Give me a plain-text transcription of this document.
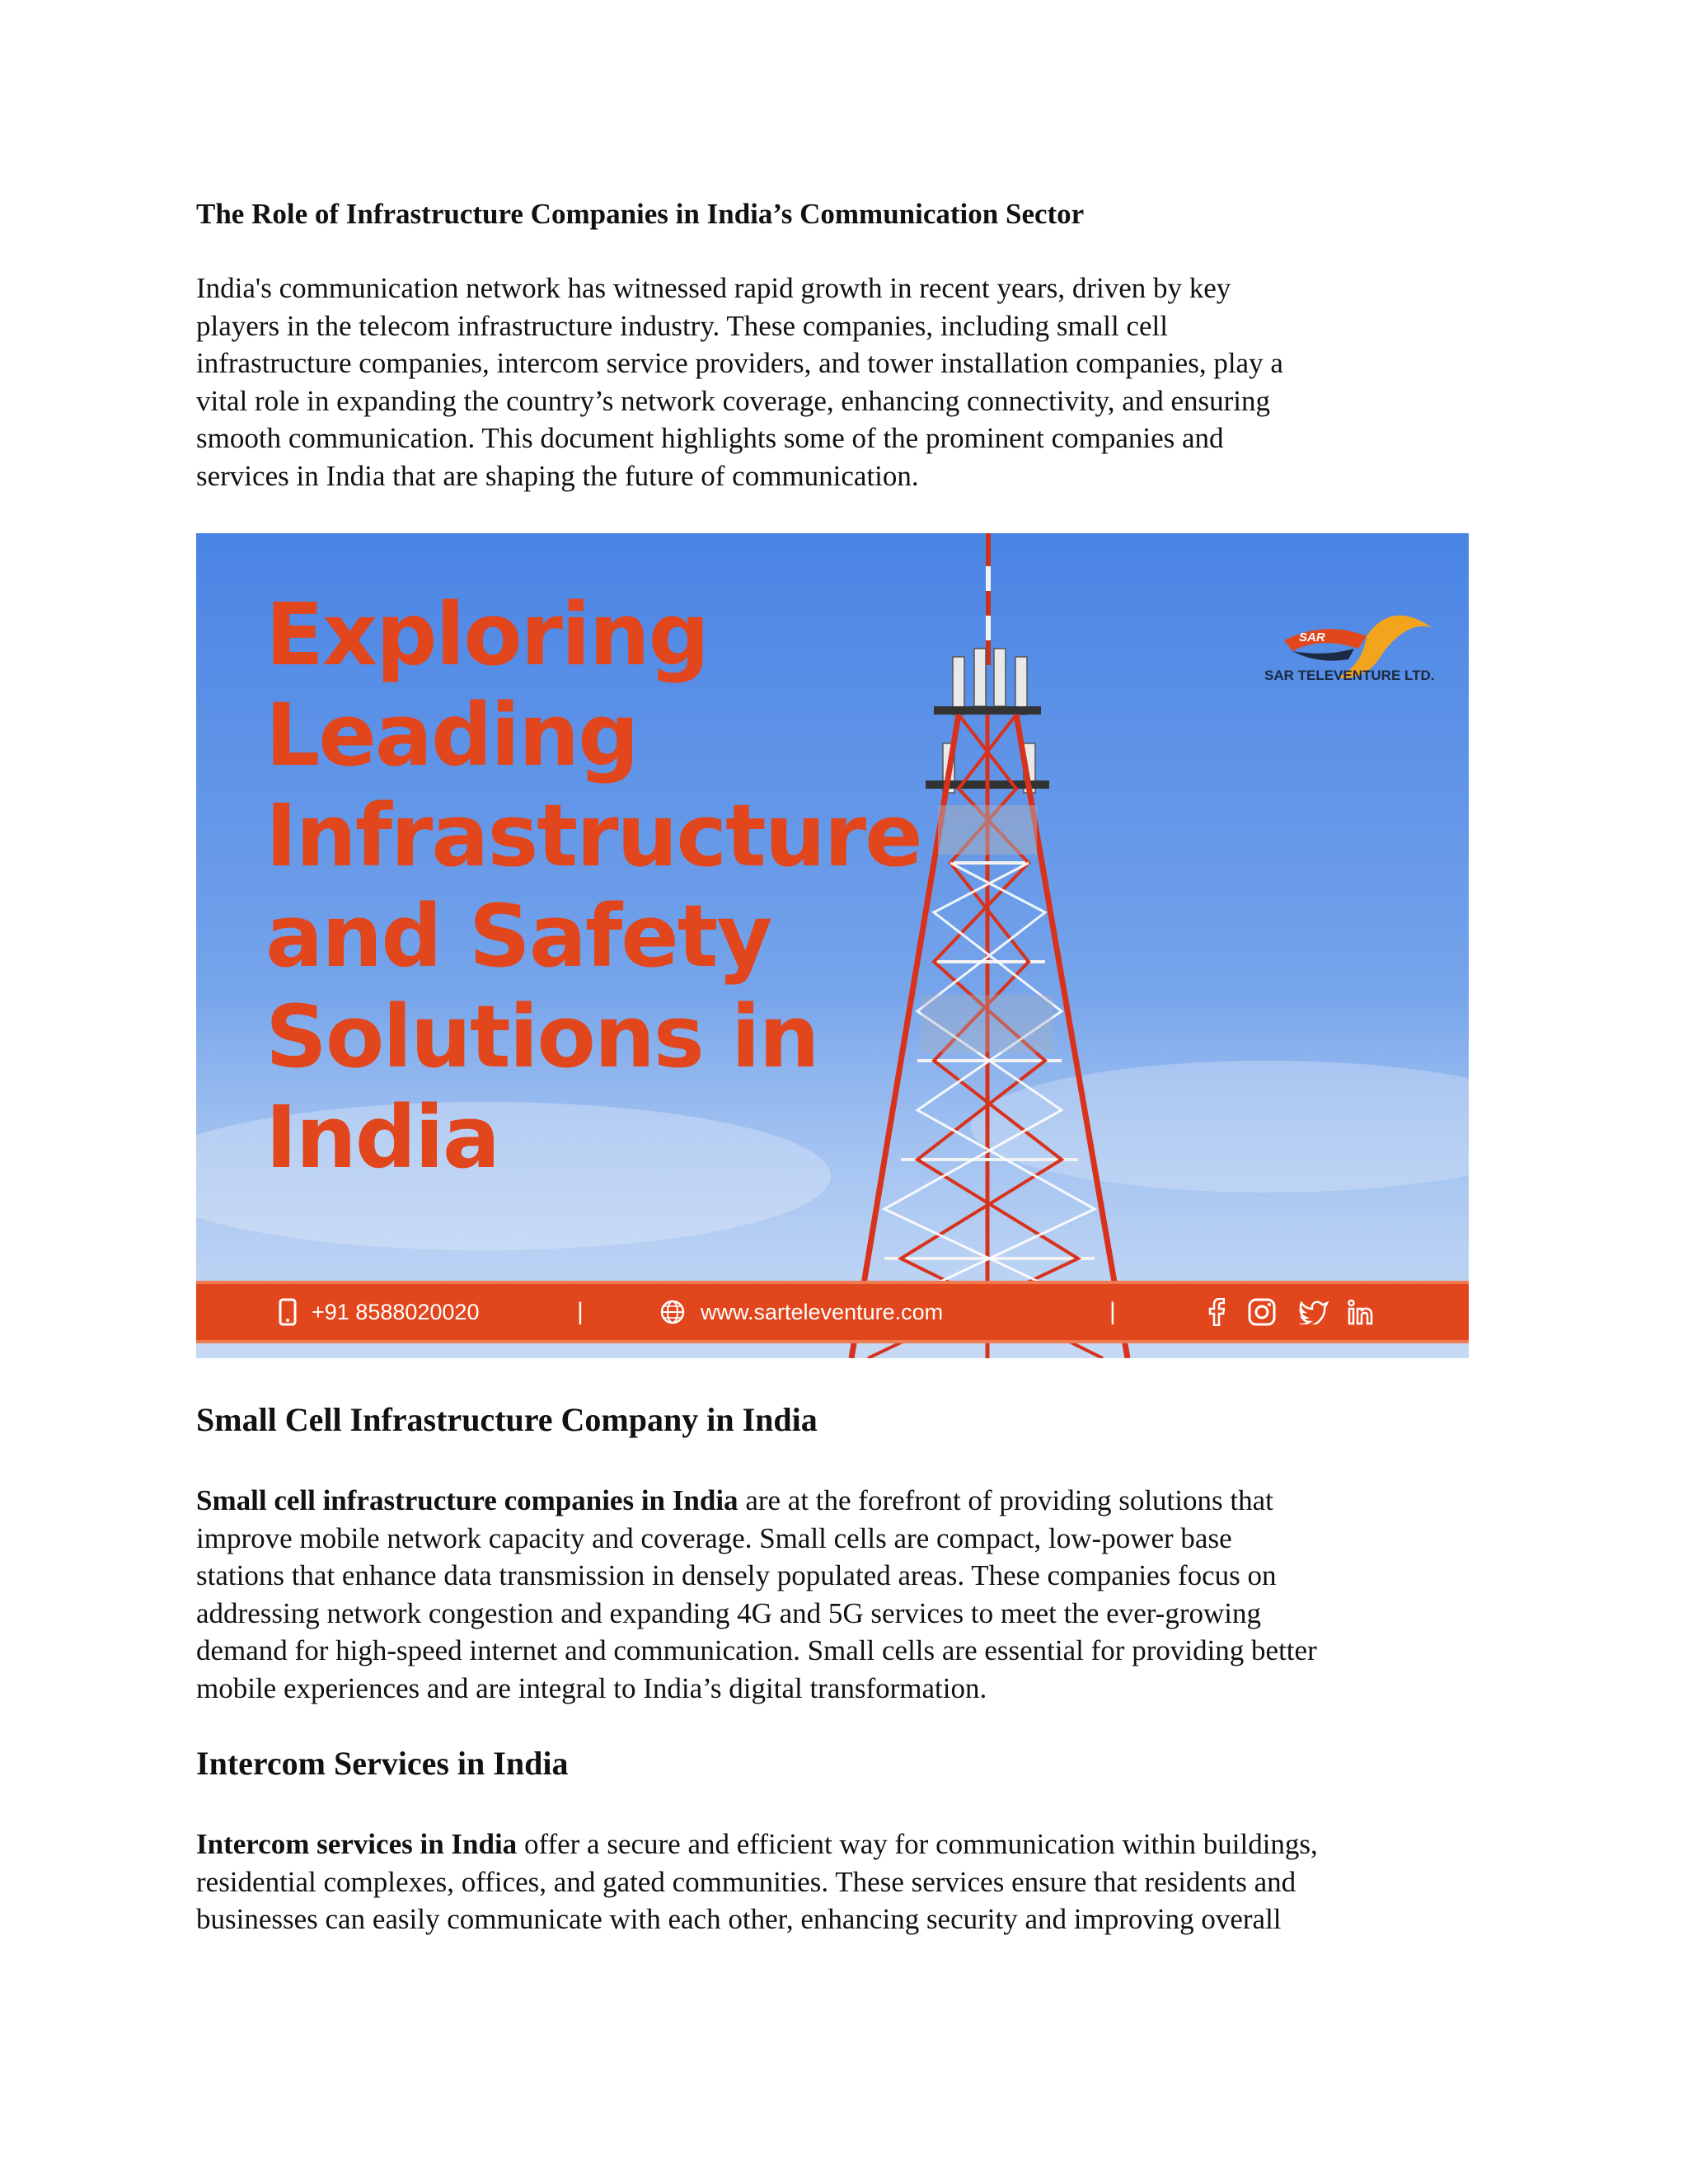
The Role of Infrastructure Companies in India’s Communication Sector

India's communication network has witnessed rapid growth in recent years, driven by key
players in the telecom infrastructure industry. These companies, including small cell
infrastructure companies, intercom service providers, and tower installation companies, play a
vital role in expanding the country’s network coverage, enhancing connectivity, and ensuring
smooth communication. This document highlights some of the prominent companies and
services in India that are shaping the future of communication.

Exploring
Leading
Infrastructure
and Safety
Solutions in
India
SAR
SAR TELEVENTURE LTD.
+91 8588020020	|	www.sarteleventure.com	|
Small Cell Infrastructure Company in India

Small cell infrastructure companies in India are at the forefront of providing solutions that
improve mobile network capacity and coverage. Small cells are compact, low-power base
stations that enhance data transmission in densely populated areas. These companies focus on
addressing network congestion and expanding 4G and 5G services to meet the ever-growing
demand for high-speed internet and communication. Small cells are essential for providing better
mobile experiences and are integral to India’s digital transformation.

Intercom Services in India

Intercom services in India offer a secure and efficient way for communication within buildings,
residential complexes, offices, and gated communities. These services ensure that residents and
businesses can easily communicate with each other, enhancing security and improving overall
